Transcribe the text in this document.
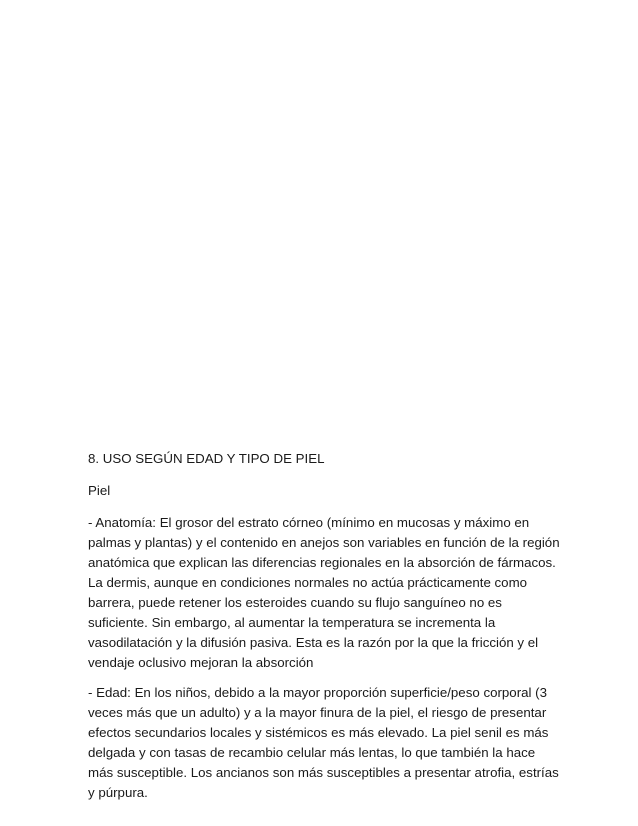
8. USO SEGÚN EDAD Y TIPO DE PIEL
Piel
- Anatomía: El grosor del estrato córneo (mínimo en mucosas y máximo en palmas y plantas) y el contenido en anejos son variables en función de la región anatómica que explican las diferencias regionales en la absorción de fármacos. La dermis, aunque en condiciones normales no actúa prácticamente como barrera, puede retener los esteroides cuando su flujo sanguíneo no es suficiente. Sin embargo, al aumentar la temperatura se incrementa la vasodilatación y la difusión pasiva. Esta es la razón por la que la fricción y el vendaje oclusivo mejoran la absorción
- Edad: En los niños, debido a la mayor proporción superficie/peso corporal (3 veces más que un adulto) y a la mayor finura de la piel, el riesgo de presentar efectos secundarios locales y sistémicos es más elevado. La piel senil es más delgada y con tasas de recambio celular más lentas, lo que también la hace más susceptible. Los ancianos son más susceptibles a presentar atrofia, estrías y púrpura.
